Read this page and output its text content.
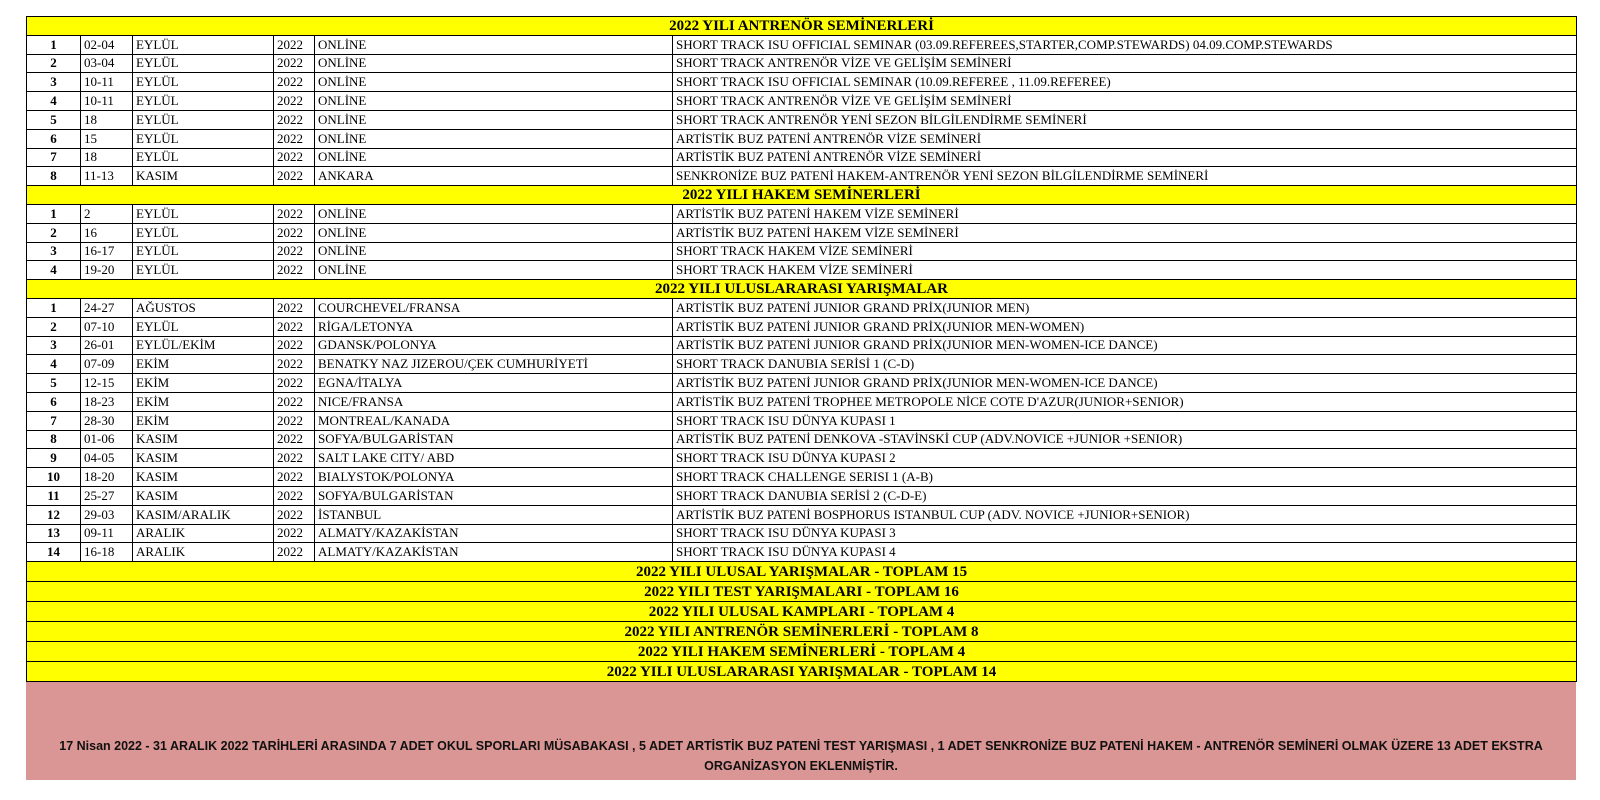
2022 YILI ANTRENÖR SEMİNERLERİ					
1	02-04	EYLÜL	2022	ONLİNE	SHORT TRACK ISU OFFICIAL SEMINAR (03.09.REFEREES,STARTER,COMP.STEWARDS) 04.09.COMP.STEWARDS
2	03-04	EYLÜL	2022	ONLİNE	SHORT TRACK ANTRENÖR VİZE VE GELİŞİM SEMİNERİ
3	10-11	EYLÜL	2022	ONLİNE	SHORT TRACK ISU OFFICIAL SEMINAR (10.09.REFEREE , 11.09.REFEREE)
4	10-11	EYLÜL	2022	ONLİNE	SHORT TRACK ANTRENÖR VİZE VE GELİŞİM SEMİNERİ
5	18	EYLÜL	2022	ONLİNE	SHORT TRACK ANTRENÖR YENİ SEZON BİLGİLENDİRME SEMİNERİ
6	15	EYLÜL	2022	ONLİNE	ARTİSTİK BUZ PATENİ ANTRENÖR VİZE SEMİNERİ
7	18	EYLÜL	2022	ONLİNE	ARTİSTİK BUZ PATENİ ANTRENÖR VİZE SEMİNERİ
8	11-13	KASIM	2022	ANKARA	SENKRONİZE BUZ PATENİ HAKEM-ANTRENÖR YENİ SEZON BİLGİLENDİRME SEMİNERİ
2022 YILI HAKEM SEMİNERLERİ					
1	2	EYLÜL	2022	ONLİNE	ARTİSTİK BUZ PATENİ HAKEM VİZE SEMİNERİ
2	16	EYLÜL	2022	ONLİNE	ARTİSTİK BUZ PATENİ HAKEM VİZE SEMİNERİ
3	16-17	EYLÜL	2022	ONLİNE	SHORT TRACK HAKEM VİZE SEMİNERİ
4	19-20	EYLÜL	2022	ONLİNE	SHORT TRACK HAKEM VİZE SEMİNERİ
2022 YILI ULUSLARARASI YARIŞMALAR					
1	24-27	AĞUSTOS	2022	COURCHEVEL/FRANSA	ARTİSTİK BUZ PATENİ JUNIOR GRAND PRİX(JUNIOR MEN)
2	07-10	EYLÜL	2022	RİGA/LETONYA	ARTİSTİK BUZ PATENİ JUNIOR GRAND PRİX(JUNIOR MEN-WOMEN)
3	26-01	EYLÜL/EKİM	2022	GDANSK/POLONYA	ARTİSTİK BUZ PATENİ JUNIOR GRAND PRİX(JUNIOR MEN-WOMEN-ICE DANCE)
4	07-09	EKİM	2022	BENATKY NAZ JIZEROU/ÇEK CUMHURİYETİ	SHORT TRACK DANUBIA SERİSİ 1 (C-D)
5	12-15	EKİM	2022	EGNA/İTALYA	ARTİSTİK BUZ PATENİ JUNIOR GRAND PRİX(JUNIOR MEN-WOMEN-ICE DANCE)
6	18-23	EKİM	2022	NICE/FRANSA	ARTİSTİK BUZ PATENİ TROPHEE METROPOLE NİCE COTE D'AZUR(JUNIOR+SENIOR)
7	28-30	EKİM	2022	MONTREAL/KANADA	SHORT TRACK ISU DÜNYA KUPASI 1
8	01-06	KASIM	2022	SOFYA/BULGARİSTAN	ARTİSTİK BUZ PATENİ DENKOVA -STAVİNSKİ CUP (ADV.NOVICE +JUNIOR +SENIOR)
9	04-05	KASIM	2022	SALT LAKE CITY/ ABD	SHORT TRACK ISU DÜNYA KUPASI 2
10	18-20	KASIM	2022	BIALYSTOK/POLONYA	SHORT TRACK CHALLENGE SERISI 1 (A-B)
11	25-27	KASIM	2022	SOFYA/BULGARİSTAN	SHORT TRACK DANUBIA SERİSİ 2 (C-D-E)
12	29-03	KASIM/ARALIK	2022	İSTANBUL	ARTİSTİK BUZ PATENİ BOSPHORUS ISTANBUL CUP (ADV. NOVICE +JUNIOR+SENIOR)
13	09-11	ARALIK	2022	ALMATY/KAZAKİSTAN	SHORT TRACK ISU DÜNYA KUPASI 3
14	16-18	ARALIK	2022	ALMATY/KAZAKİSTAN	SHORT TRACK ISU DÜNYA KUPASI 4
2022 YILI ULUSAL YARIŞMALAR - TOPLAM 15					
2022 YILI TEST YARIŞMALARI - TOPLAM 16					
2022 YILI ULUSAL KAMPLARI - TOPLAM 4					
2022 YILI ANTRENÖR SEMİNERLERİ - TOPLAM 8					
2022 YILI HAKEM SEMİNERLERİ - TOPLAM 4					
2022 YILI ULUSLARARASI YARIŞMALAR - TOPLAM 14					
17 Nisan 2022 - 31 ARALIK 2022 TARİHLERİ ARASINDA 7 ADET OKUL SPORLARI MÜSABAKASI , 5 ADET ARTİSTİK BUZ PATENİ TEST YARIŞMASI , 1 ADET SENKRONİZE BUZ PATENİ HAKEM - ANTRENÖR SEMİNERİ OLMAK ÜZERE 13 ADET EKSTRA ORGANİZASYON EKLENMİŞTİR.
